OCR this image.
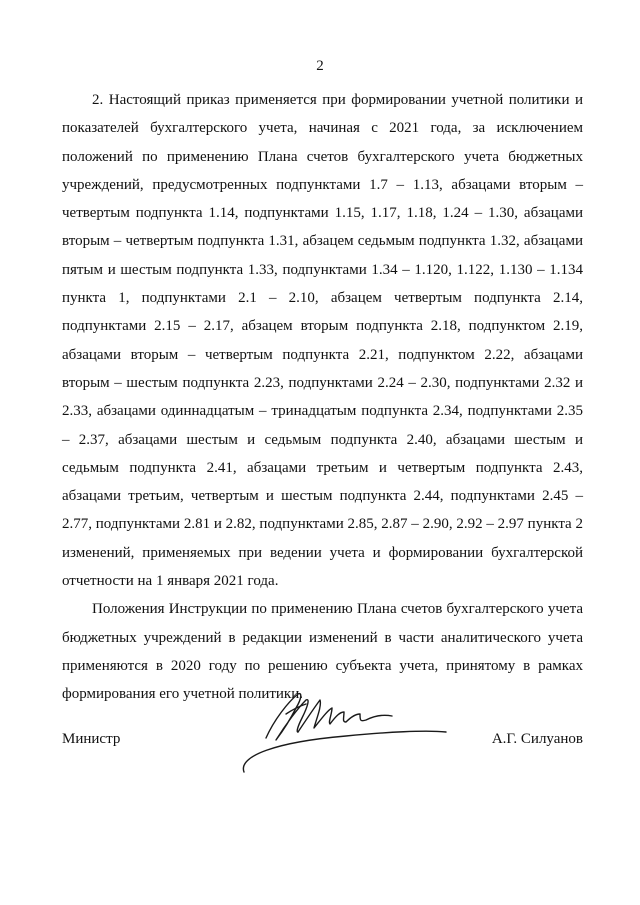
2

2. Настоящий приказ применяется при формировании учетной политики и показателей бухгалтерского учета, начиная с 2021 года, за исключением положений по применению Плана счетов бухгалтерского учета бюджетных учреждений, предусмотренных подпунктами 1.7 – 1.13, абзацами вторым – четвертым подпункта 1.14, подпунктами 1.15, 1.17, 1.18, 1.24 – 1.30, абзацами вторым – четвертым подпункта 1.31, абзацем седьмым подпункта 1.32, абзацами пятым и шестым подпункта 1.33, подпунктами 1.34 – 1.120, 1.122, 1.130 – 1.134 пункта 1, подпунктами 2.1 – 2.10, абзацем четвертым подпункта 2.14, подпунктами 2.15 – 2.17, абзацем вторым подпункта 2.18, подпунктом 2.19, абзацами вторым – четвертым подпункта 2.21, подпунктом 2.22, абзацами вторым – шестым подпункта 2.23, подпунктами 2.24 – 2.30, подпунктами 2.32 и 2.33, абзацами одиннадцатым – тринадцатым подпункта 2.34, подпунктами 2.35 – 2.37, абзацами шестым и седьмым подпункта 2.40, абзацами шестым и седьмым подпункта 2.41, абзацами третьим и четвертым подпункта 2.43, абзацами третьим, четвертым и шестым подпункта 2.44, подпунктами 2.45 – 2.77, подпунктами 2.81 и 2.82, подпунктами 2.85, 2.87 – 2.90, 2.92 – 2.97 пункта 2 изменений, применяемых при ведении учета и формировании бухгалтерской отчетности на 1 января 2021 года.

Положения Инструкции по применению Плана счетов бухгалтерского учета бюджетных учреждений в редакции изменений в части аналитического учета применяются в 2020 году по решению субъекта учета, принятому в рамках формирования его учетной политики.

Министр	А.Г. Силуанов
